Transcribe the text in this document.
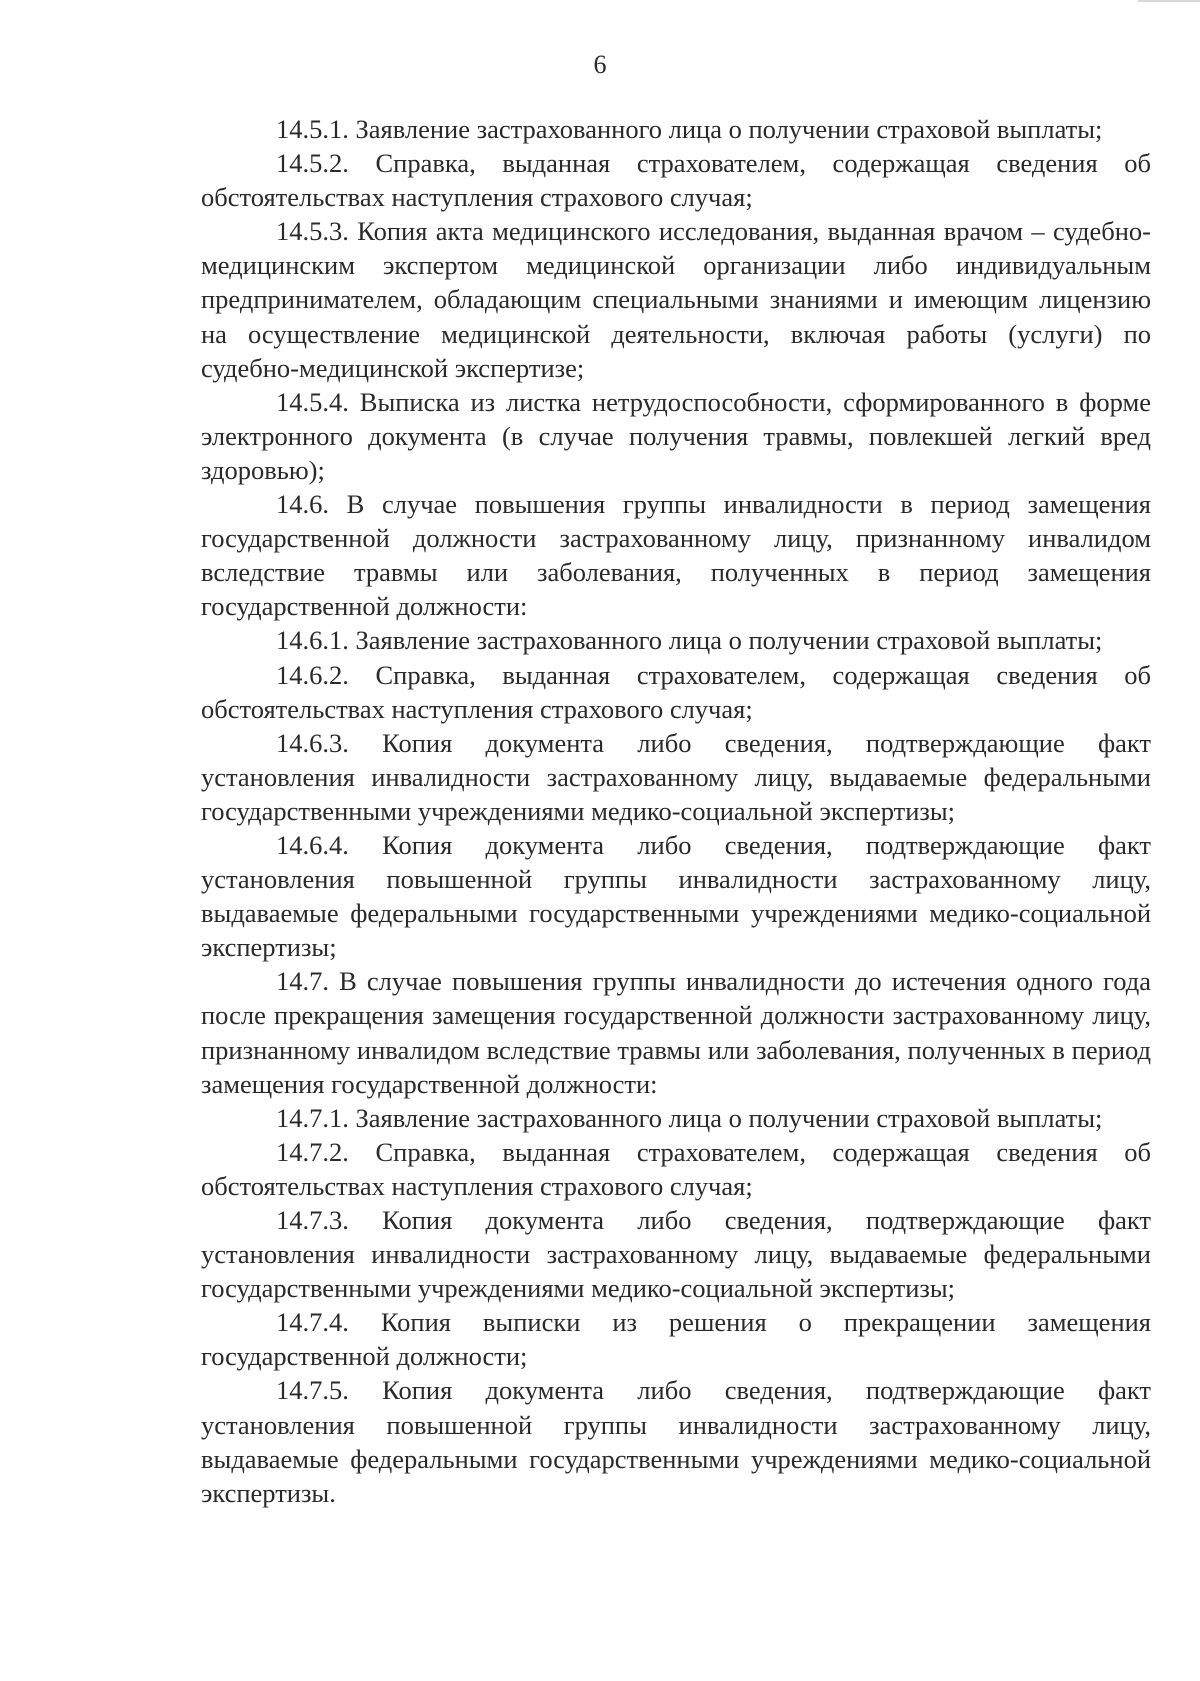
6

14.5.1. Заявление застрахованного лица о получении страховой выплаты;

14.5.2. Справка, выданная страхователем, содержащая сведения об обстоятельствах наступления страхового случая;

14.5.3. Копия акта медицинского исследования, выданная врачом – судебно-медицинским экспертом медицинской организации либо индивидуальным предпринимателем, обладающим специальными знаниями и имеющим лицензию на осуществление медицинской деятельности, включая работы (услуги) по судебно-медицинской экспертизе;

14.5.4. Выписка из листка нетрудоспособности, сформированного в форме электронного документа (в случае получения травмы, повлекшей легкий вред здоровью);

14.6. В случае повышения группы инвалидности в период замещения государственной должности застрахованному лицу, признанному инвалидом вследствие травмы или заболевания, полученных в период замещения государственной должности:

14.6.1. Заявление застрахованного лица о получении страховой выплаты;

14.6.2. Справка, выданная страхователем, содержащая сведения об обстоятельствах наступления страхового случая;

14.6.3. Копия документа либо сведения, подтверждающие факт установления инвалидности застрахованному лицу, выдаваемые федеральными государственными учреждениями медико-социальной экспертизы;

14.6.4. Копия документа либо сведения, подтверждающие факт установления повышенной группы инвалидности застрахованному лицу, выдаваемые федеральными государственными учреждениями медико-социальной экспертизы;

14.7. В случае повышения группы инвалидности до истечения одного года после прекращения замещения государственной должности застрахованному лицу, признанному инвалидом вследствие травмы или заболевания, полученных в период замещения государственной должности:

14.7.1. Заявление застрахованного лица о получении страховой выплаты;

14.7.2. Справка, выданная страхователем, содержащая сведения об обстоятельствах наступления страхового случая;

14.7.3. Копия документа либо сведения, подтверждающие факт установления инвалидности застрахованному лицу, выдаваемые федеральными государственными учреждениями медико-социальной экспертизы;

14.7.4. Копия выписки из решения о прекращении замещения государственной должности;

14.7.5. Копия документа либо сведения, подтверждающие факт установления повышенной группы инвалидности застрахованному лицу, выдаваемые федеральными государственными учреждениями медико-социальной экспертизы.
